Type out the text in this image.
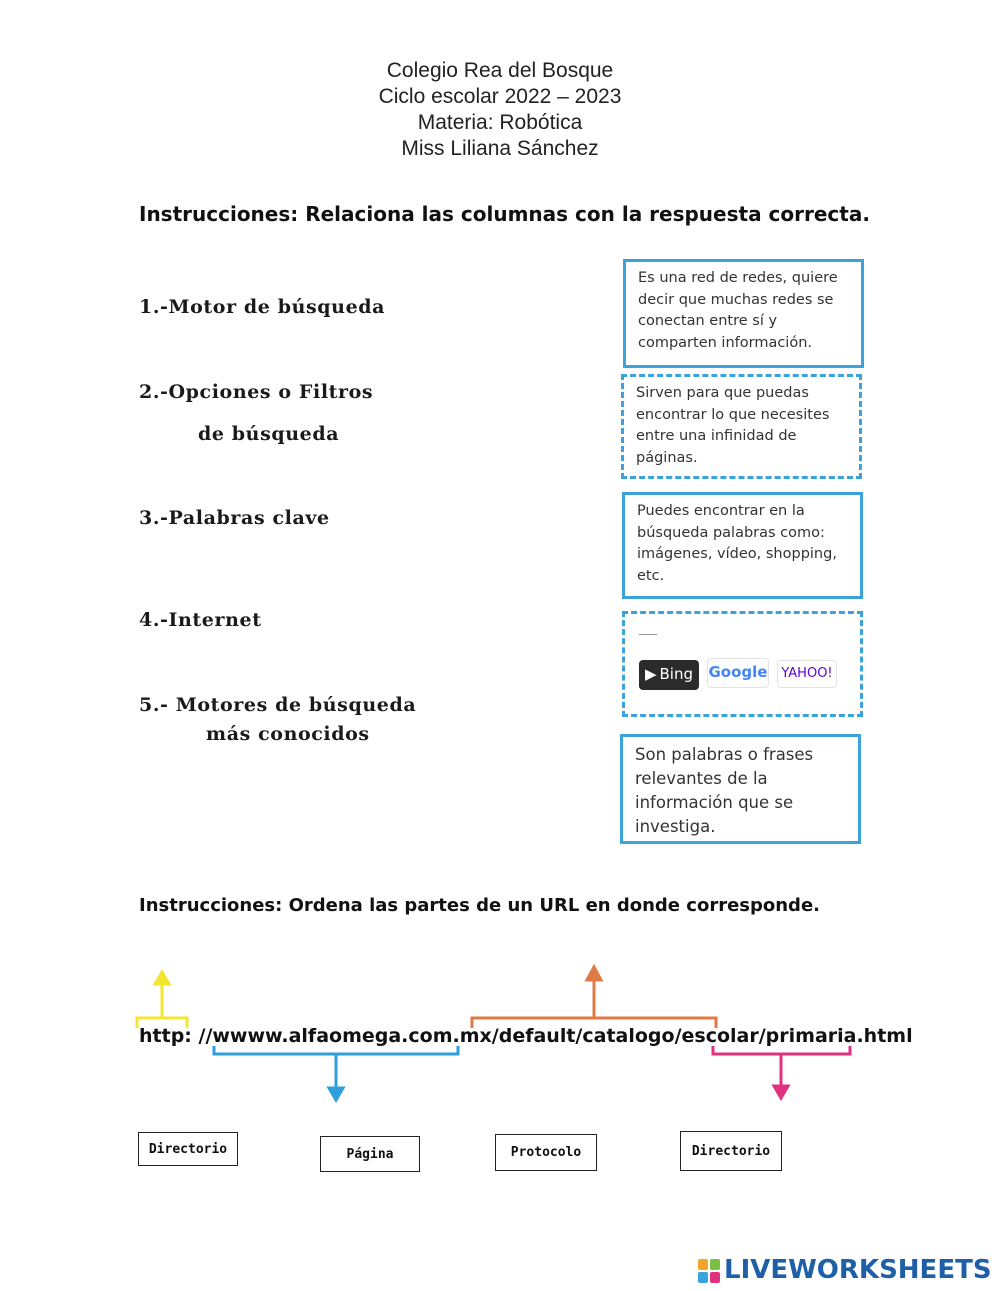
Colegio Rea del Bosque
Ciclo escolar 2022 – 2023
Materia: Robótica
Miss Liliana Sánchez
Instrucciones: Relaciona las columnas con la respuesta correcta.
1.-Motor de búsqueda
2.-Opciones o Filtros
de búsqueda
3.-Palabras clave
4.-Internet
5.- Motores de búsqueda
más conocidos
Es una red de redes, quiere decir que muchas redes se conectan entre sí y comparten información.
Sirven para que puedas encontrar lo que necesites entre una infinidad de páginas.
Puedes encontrar en la búsqueda palabras como: imágenes, vídeo, shopping, etc.
▶ Bing Google YAHOO!
Son palabras o frases relevantes de la información que se investiga.
Instrucciones: Ordena las partes de un URL en donde corresponde.
http: //wwww.alfaomega.com.mx/default/catalogo/escolar/primaria.html
Directorio	Página	Protocolo	Directorio
LIVEWORKSHEETS
